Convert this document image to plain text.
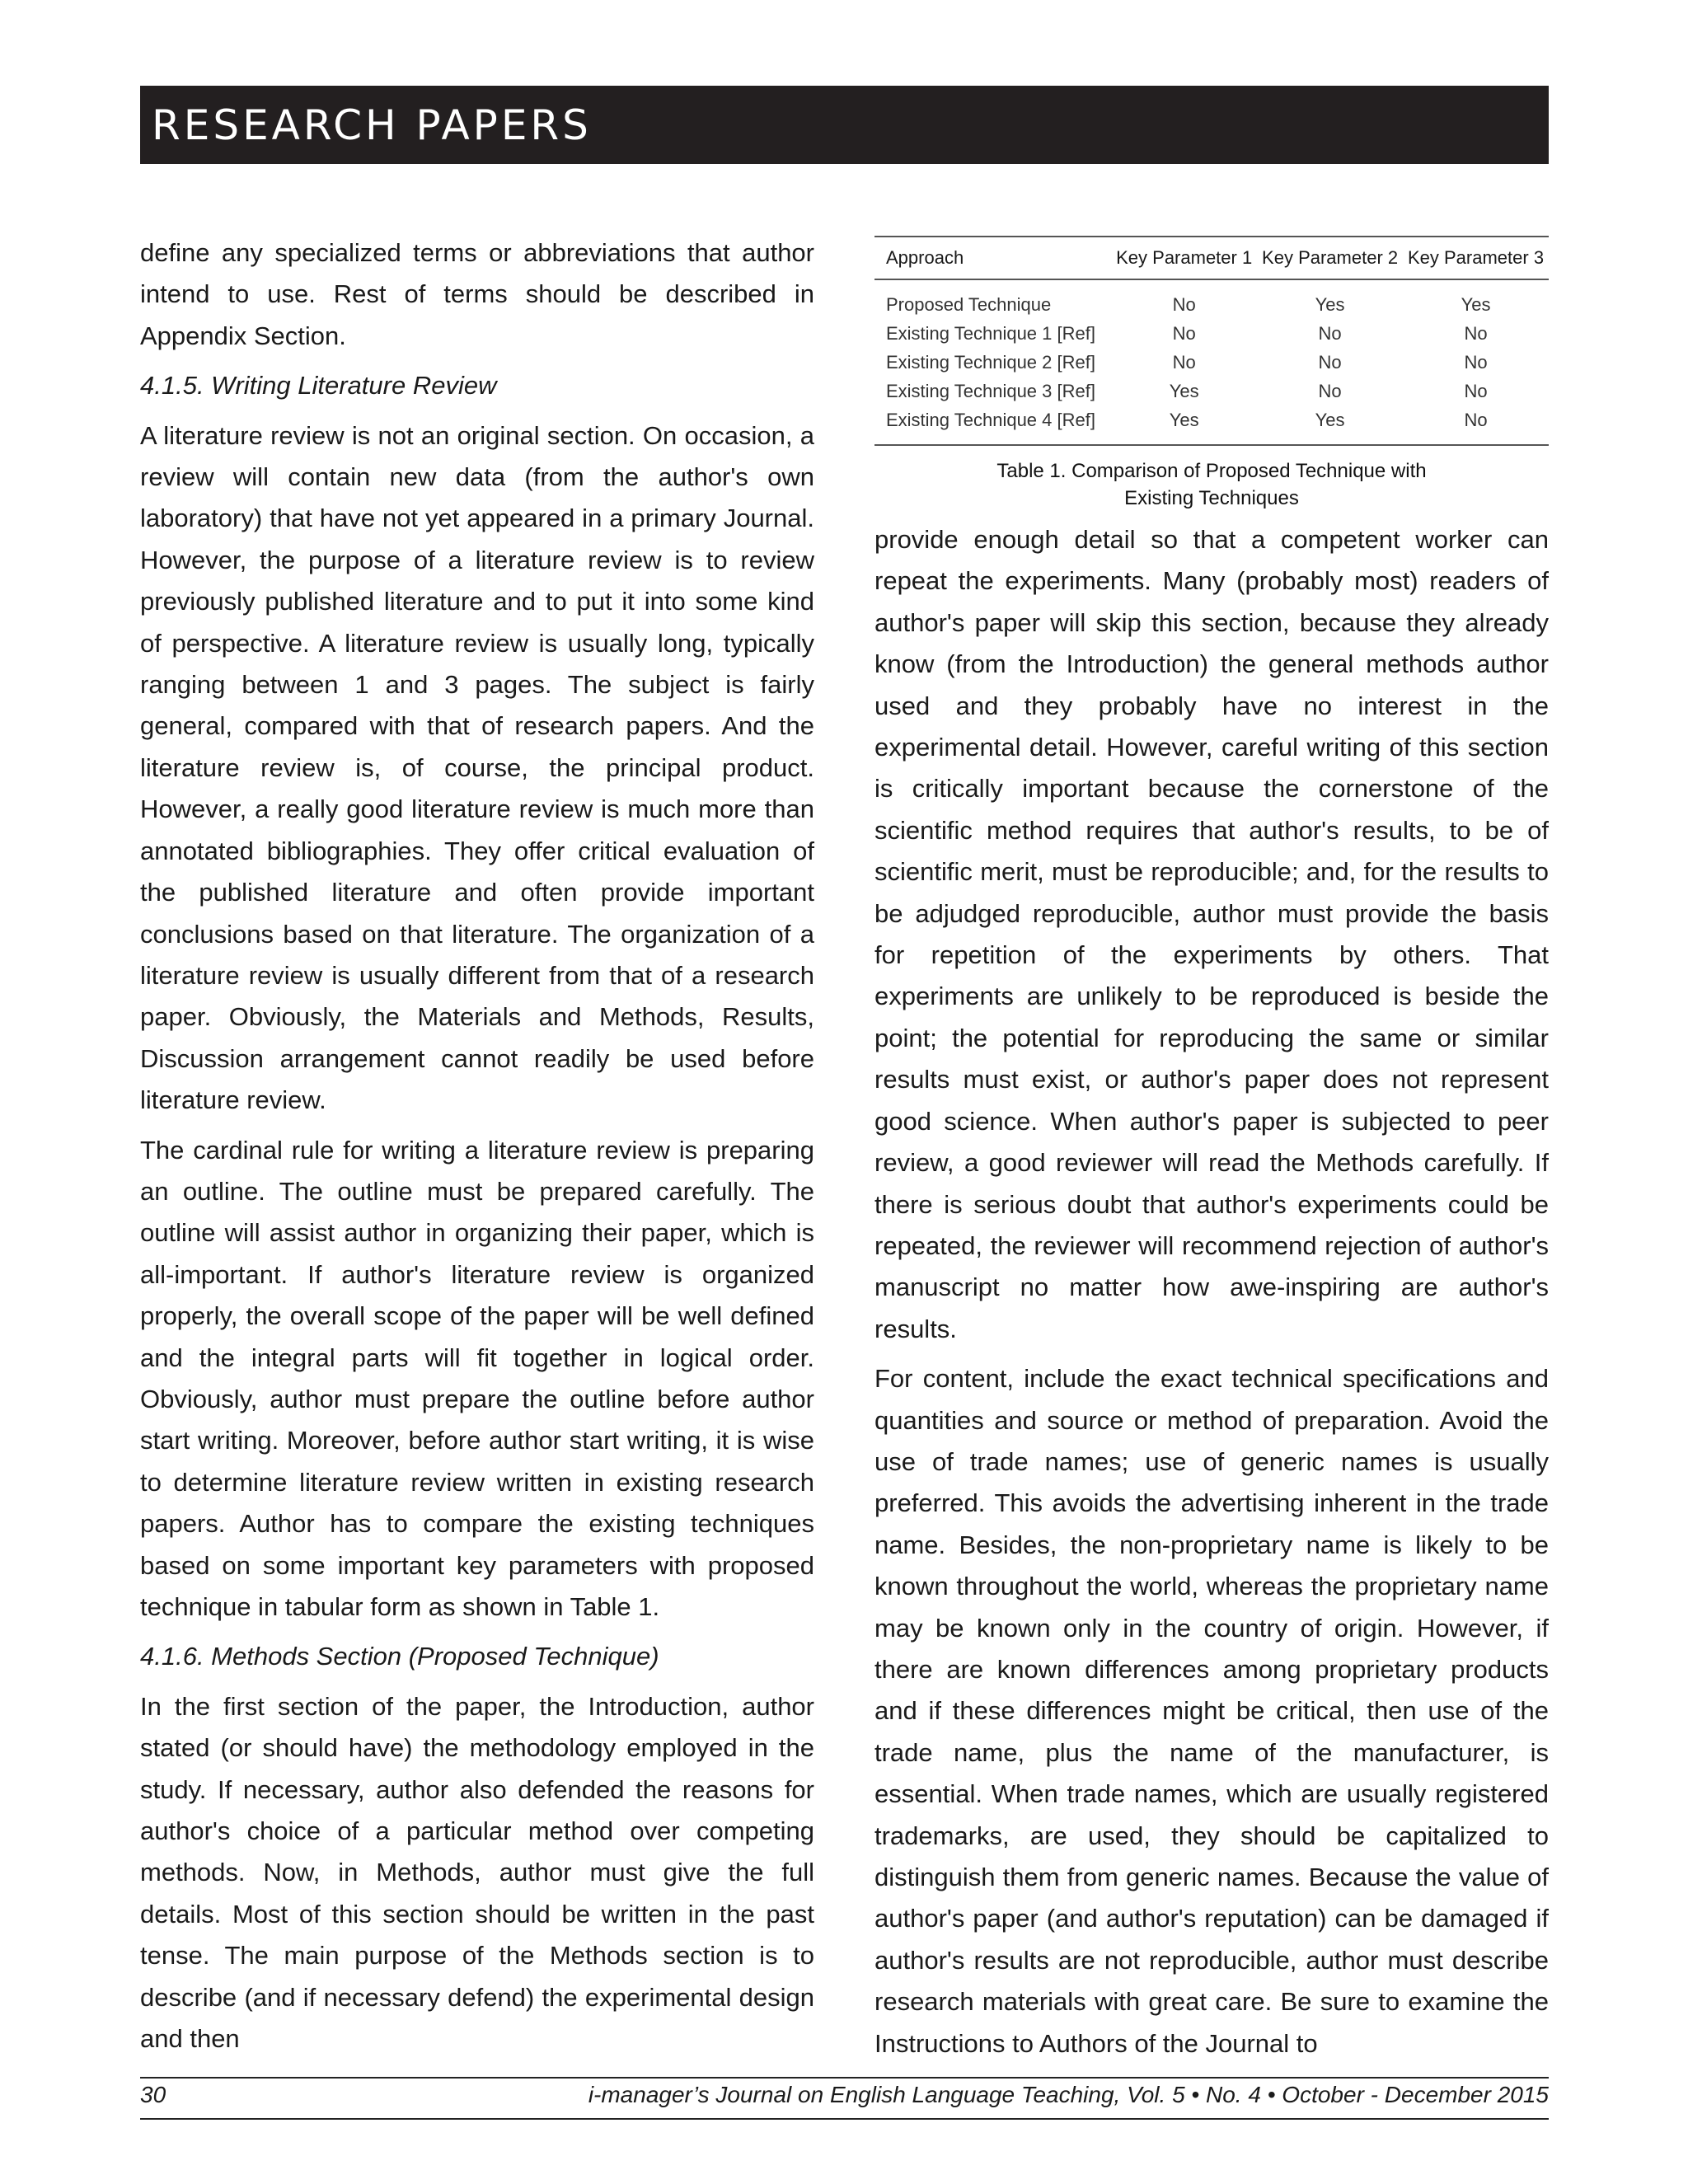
RESEARCH PAPERS

define any specialized terms or abbreviations that author intend to use. Rest of terms should be described in Appendix Section.

4.1.5. Writing Literature Review

A literature review is not an original section. On occasion, a review will contain new data (from the author's own laboratory) that have not yet appeared in a primary Journal. However, the purpose of a literature review is to review previously published literature and to put it into some kind of perspective. A literature review is usually long, typically ranging between 1 and 3 pages. The subject is fairly general, compared with that of research papers. And the literature review is, of course, the principal product. However, a really good literature review is much more than annotated bibliographies. They offer critical evaluation of the published literature and often provide important conclusions based on that literature. The organization of a literature review is usually different from that of a research paper. Obviously, the Materials and Methods, Results, Discussion arrangement cannot readily be used before literature review.

The cardinal rule for writing a literature review is preparing an outline. The outline must be prepared carefully. The outline will assist author in organizing their paper, which is all-important. If author's literature review is organized properly, the overall scope of the paper will be well defined and the integral parts will fit together in logical order. Obviously, author must prepare the outline before author start writing. Moreover, before author start writing, it is wise to determine literature review written in existing research papers. Author has to compare the existing techniques based on some important key parameters with proposed technique in tabular form as shown in Table 1.

4.1.6. Methods Section (Proposed Technique)

In the first section of the paper, the Introduction, author stated (or should have) the methodology employed in the study. If necessary, author also defended the reasons for author's choice of a particular method over competing methods. Now, in Methods, author must give the full details. Most of this section should be written in the past tense. The main purpose of the Methods section is to describe (and if necessary defend) the experimental design and then

Approach	Key Parameter 1	Key Parameter 2	Key Parameter 3
Proposed Technique	No	Yes	Yes
Existing Technique 1 [Ref]	No	No	No
Existing Technique 2 [Ref]	No	No	No
Existing Technique 3 [Ref]	Yes	No	No
Existing Technique 4 [Ref]	Yes	Yes	No
Table 1. Comparison of Proposed Technique with
Existing Techniques

provide enough detail so that a competent worker can repeat the experiments. Many (probably most) readers of author's paper will skip this section, because they already know (from the Introduction) the general methods author used and they probably have no interest in the experimental detail. However, careful writing of this section is critically important because the cornerstone of the scientific method requires that author's results, to be of scientific merit, must be reproducible; and, for the results to be adjudged reproducible, author must provide the basis for repetition of the experiments by others. That experiments are unlikely to be reproduced is beside the point; the potential for reproducing the same or similar results must exist, or author's paper does not represent good science. When author's paper is subjected to peer review, a good reviewer will read the Methods carefully. If there is serious doubt that author's experiments could be repeated, the reviewer will recommend rejection of author's manuscript no matter how awe-inspiring are author's results.

For content, include the exact technical specifications and quantities and source or method of preparation. Avoid the use of trade names; use of generic names is usually preferred. This avoids the advertising inherent in the trade name. Besides, the non-proprietary name is likely to be known throughout the world, whereas the proprietary name may be known only in the country of origin. However, if there are known differences among proprietary products and if these differences might be critical, then use of the trade name, plus the name of the manufacturer, is essential. When trade names, which are usually registered trademarks, are used, they should be capitalized to distinguish them from generic names. Because the value of author's paper (and author's reputation) can be damaged if author's results are not reproducible, author must describe research materials with great care. Be sure to examine the Instructions to Authors of the Journal to

30	i-manager’s Journal on English Language Teaching, Vol. 5 • No. 4 • October - December 2015
